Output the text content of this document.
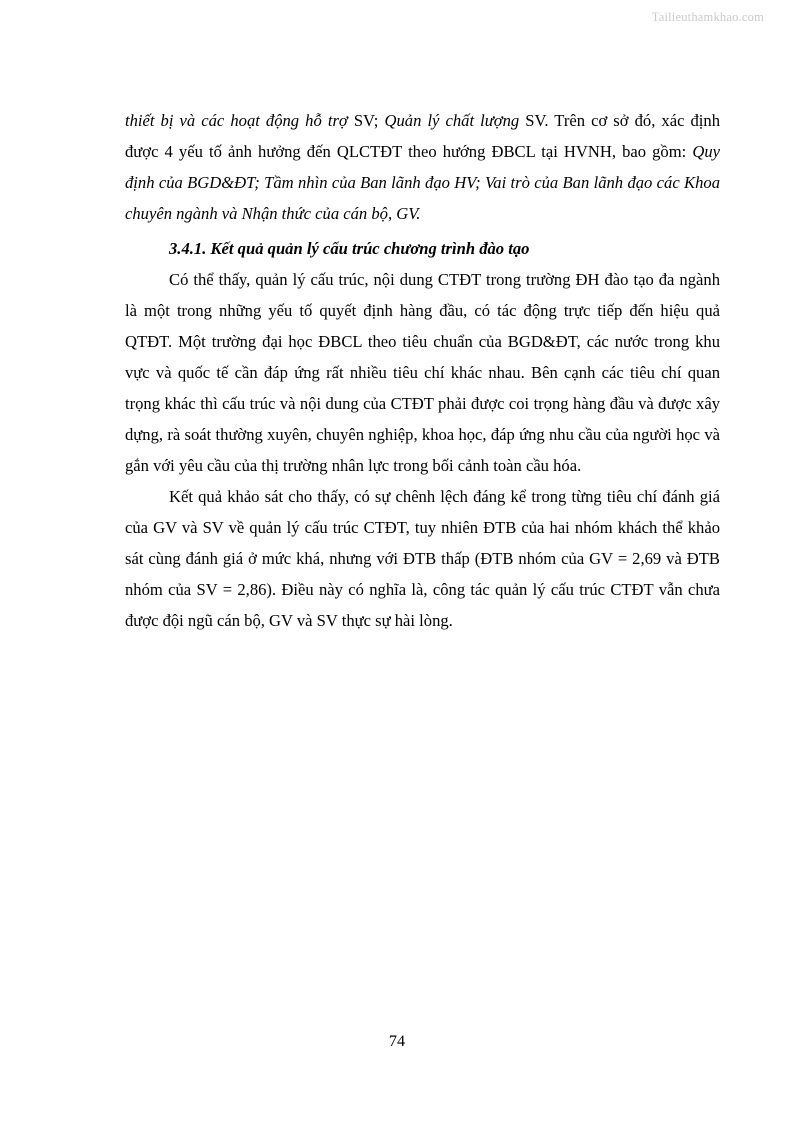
Tailieuthamkhao.com

thiết bị và các hoạt động hỗ trợ SV; Quản lý chất lượng SV. Trên cơ sở đó, xác định được 4 yếu tố ảnh hưởng đến QLCTĐT theo hướng ĐBCL tại HVNH, bao gồm: Quy định của BGD&ĐT; Tầm nhìn của Ban lãnh đạo HV; Vai trò của Ban lãnh đạo các Khoa chuyên ngành và Nhận thức của cán bộ, GV.

3.4.1. Kết quả quản lý cấu trúc chương trình đào tạo

Có thể thấy, quản lý cấu trúc, nội dung CTĐT trong trường ĐH đào tạo đa ngành là một trong những yếu tố quyết định hàng đầu, có tác động trực tiếp đến hiệu quả QTĐT. Một trường đại học ĐBCL theo tiêu chuẩn của BGD&ĐT, các nước trong khu vực và quốc tế cần đáp ứng rất nhiều tiêu chí khác nhau. Bên cạnh các tiêu chí quan trọng khác thì cấu trúc và nội dung của CTĐT phải được coi trọng hàng đầu và được xây dựng, rà soát thường xuyên, chuyên nghiệp, khoa học, đáp ứng nhu cầu của người học và gắn với yêu cầu của thị trường nhân lực trong bối cảnh toàn cầu hóa.

Kết quả khảo sát cho thấy, có sự chênh lệch đáng kể trong từng tiêu chí đánh giá của GV và SV về quản lý cấu trúc CTĐT, tuy nhiên ĐTB của hai nhóm khách thể khảo sát cùng đánh giá ở mức khá, nhưng với ĐTB thấp (ĐTB nhóm của GV = 2,69 và ĐTB nhóm của SV = 2,86). Điều này có nghĩa là, công tác quản lý cấu trúc CTĐT vẫn chưa được đội ngũ cán bộ, GV và SV thực sự hài lòng.

74
